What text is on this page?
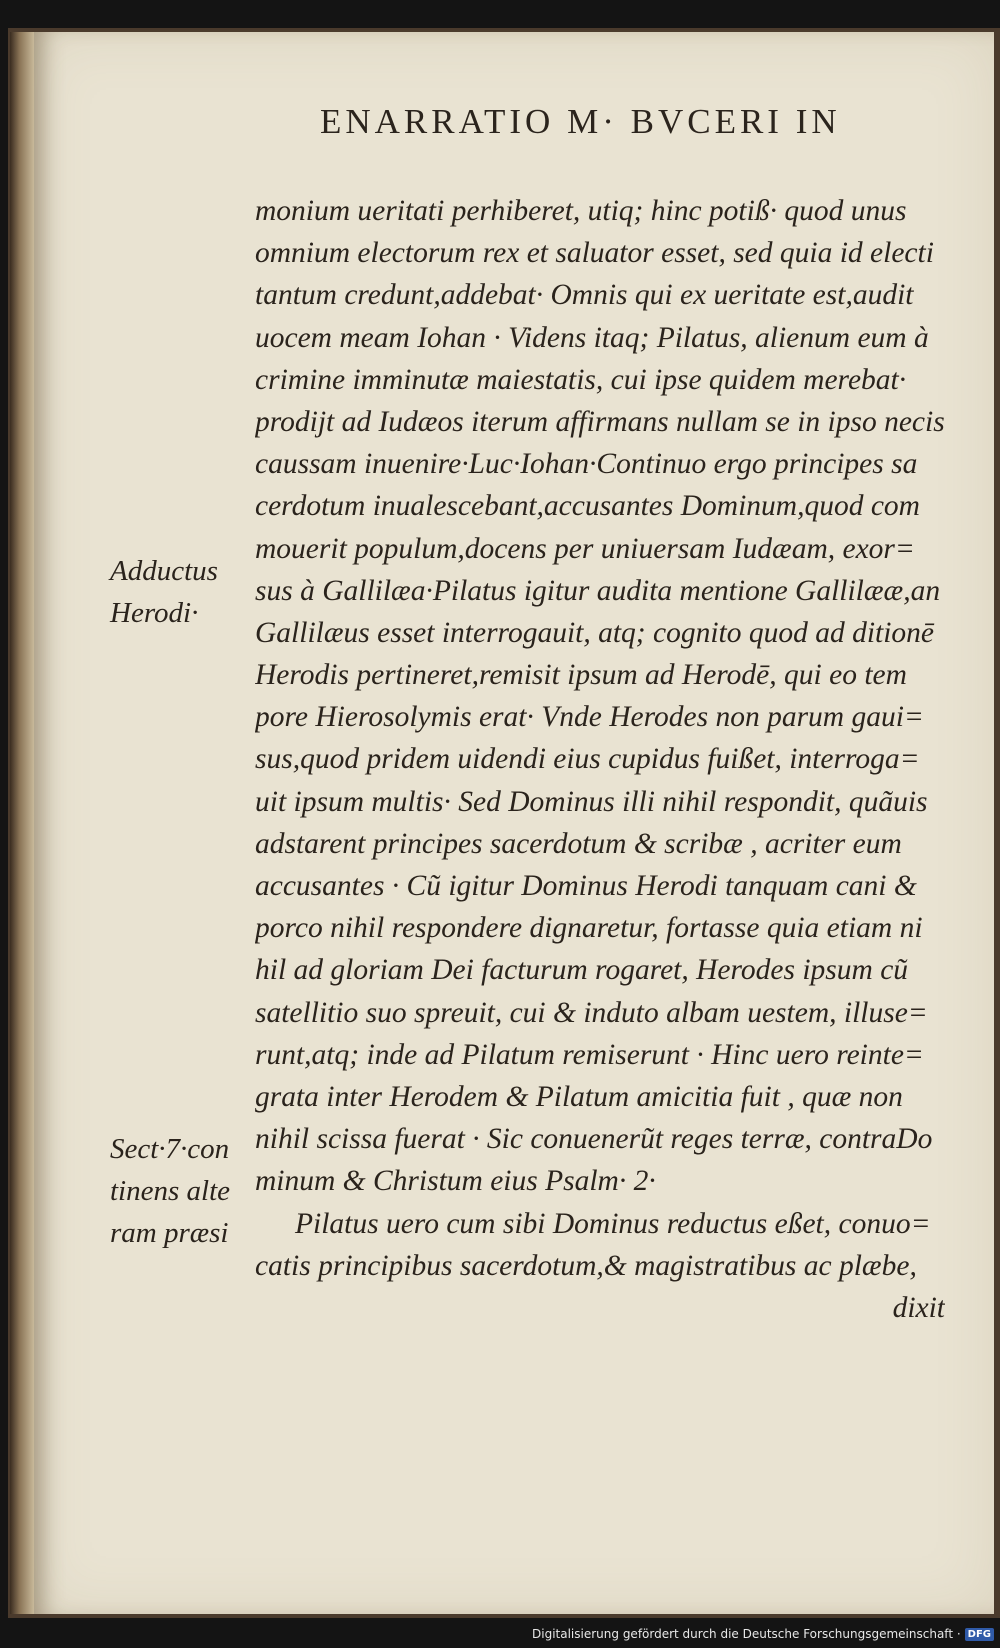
ENARRATIO M· BVCERI IN
monium ueritati perhiberet, utiq; hinc potiß· quod unus
omnium electorum rex et saluator esset, sed quia id electi
tantum credunt,addebat· Omnis qui ex ueritate est,audit
uocem meam Iohan · Videns itaq; Pilatus, alienum eum à
crimine imminutæ maiestatis, cui ipse quidem merebat·
prodijt ad Iudæos iterum affirmans nullam se in ipso necis
caussam inuenire·Luc·Iohan·Continuo ergo principes sa
cerdotum inualescebant,accusantes Dominum,quod com
mouerit populum,docens per uniuersam Iudæam, exor=
sus à Gallilæa·Pilatus igitur audita mentione Gallilææ,an
Gallilæus esset interrogauit, atq; cognito quod ad ditionē
Herodis pertineret,remisit ipsum ad Herodē, qui eo tem
pore Hierosolymis erat· Vnde Herodes non parum gaui=
sus,quod pridem uidendi eius cupidus fuißet, interroga=
uit ipsum multis· Sed Dominus illi nihil respondit, quãuis
adstarent principes sacerdotum & scribæ , acriter eum
accusantes · Cũ igitur Dominus Herodi tanquam cani &
porco nihil respondere dignaretur, fortasse quia etiam ni
hil ad gloriam Dei facturum rogaret, Herodes ipsum cũ
satellitio suo spreuit, cui & induto albam uestem, illuse=
runt,atq; inde ad Pilatum remiserunt · Hinc uero reinte=
grata inter Herodem & Pilatum amicitia fuit , quæ non
nihil scissa fuerat · Sic conuenerũt reges terræ, contraDo
minum & Christum eius Psalm· 2·
Pilatus uero cum sibi Dominus reductus eßet, conuo=
catis principibus sacerdotum,& magistratibus ac plæbe,
dixit
Adductus
Herodi·
Sect·7·con
tinens alte
ram præsi
Digitalisierung gefördert durch die Deutsche Forschungsgemeinschaft · DFG
